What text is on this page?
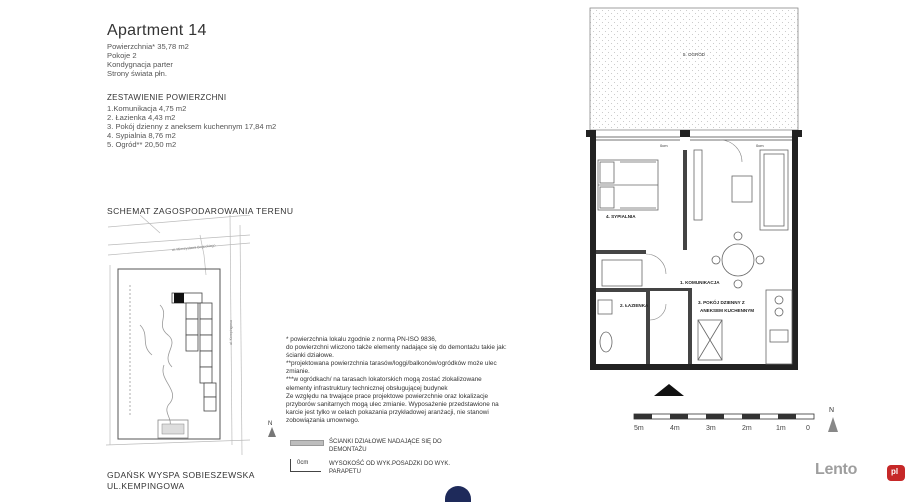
Apartment 14
Powierzchnia* 35,78 m2
Pokoje 2
Kondygnacja parter
Strony świata płn.
ZESTAWIENIE POWIERZCHNI
1.Komunikacja 4,75 m2
2. Łazienka 4,43 m2
3. Pokój dzienny z aneksem kuchennym 17,84 m2
4. Sypialnia 8,76 m2
5. Ogród** 20,50 m2
SCHEMAT ZAGOSPODAROWANIA TERENU
ul. Mieczysława Boguckiego
ul. Kempingowa
N
* powierzchnia lokalu zgodnie z normą PN-ISO 9836,
do powierzchni wliczono także elementy nadające się do demontażu takie jak:
ścianki działowe.
**projektowana powierzchnia tarasów/loggi/balkonów/ogródków może ulec
zmianie.
***w ogródkach/ na tarasach lokatorskich mogą zostać zlokalizowane
elementy infrastruktury technicznej obsługującej budynek
Ze względu na trwające prace projektowe powierzchnie oraz lokalizacje
przyborów sanitarnych mogą ulec zmianie. Wyposażenie przedstawione na
karcie jest tylko w celach pokazania przykładowej aranżacji, nie stanowi
zobowiązania umownego.
ŚCIANKI DZIAŁOWE NADAJĄCE SIĘ DO
DEMONTAŻU
0cm	WYSOKOŚĆ OD WYK.POSADZKI DO WYK.
PARAPETU
GDAŃSK WYSPA SOBIESZEWSKA
UL.KEMPINGOWA
5. OGRÓD
0cm	0cm
4. SYPIALNIA
1. KOMUNIKACJA
2. ŁAZIENKA
3. POKÓJ DZIENNY Z
ANEKSEM KUCHENNYM
5m	4m	3m	2m	1m	0
N
Lento	pl
